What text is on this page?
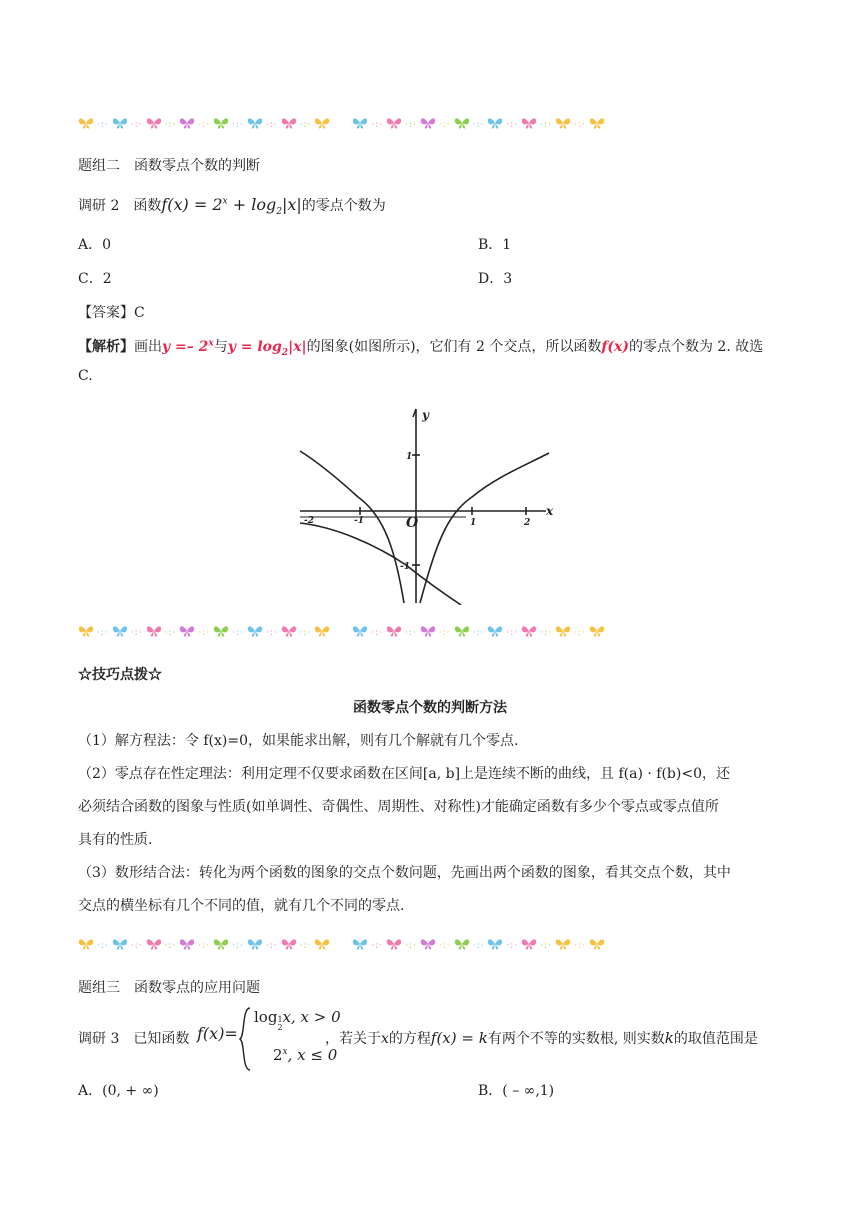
·:· ·:· ·:· ·:· ·:· ·:· ·:·	·:· ·:· ·:· ·:· ·:· ·:· ·:·
·:· ·:· ·:· ·:· ·:· ·:· ·:·	·:· ·:· ·:· ·:· ·:· ·:· ·:·
·:· ·:· ·:· ·:· ·:· ·:· ·:·	·:· ·:· ·:· ·:· ·:· ·:· ·:·
题组二　函数零点个数的判断
调研 2　函数$f(x) = 2^x + \log_2|x|$的零点个数为
A．0	B．1
C．2	D．3
【答案】C
【解析】画出y =– 2$^x$与$y = \log_2|x|$的图象(如图所示)，它们有 2 个交点，所以函数f(x)的零点个数为 2. 故选
C.
y
x
O
-2	-1	1	2
1
-1
☆技巧点拨☆
函数零点个数的判断方法
（1）解方程法：令 f(x)=0，如果能求出解，则有几个解就有几个零点.
（2）零点存在性定理法：利用定理不仅要求函数在区间[a, b]上是连续不断的曲线，且 f(a) · f(b)<0，还
必须结合函数的图象与性质(如单调性、奇偶性、周期性、对称性)才能确定函数有多少个零点或零点值所
具有的性质.
（3）数形结合法：转化为两个函数的图象的交点个数问题，先画出两个函数的图象，看其交点个数，其中
交点的横坐标有几个不同的值，就有几个不同的零点.
题组三　函数零点的应用问题
调研 3　已知函数 f(x)=
log1
2x, x > 0
2$^x$, x ≤ 0
，若关于x的方程f(x) = k有两个不等的实数根, 则实数k的取值范围是
A．(0, + ∞)	B．( – ∞,1)
